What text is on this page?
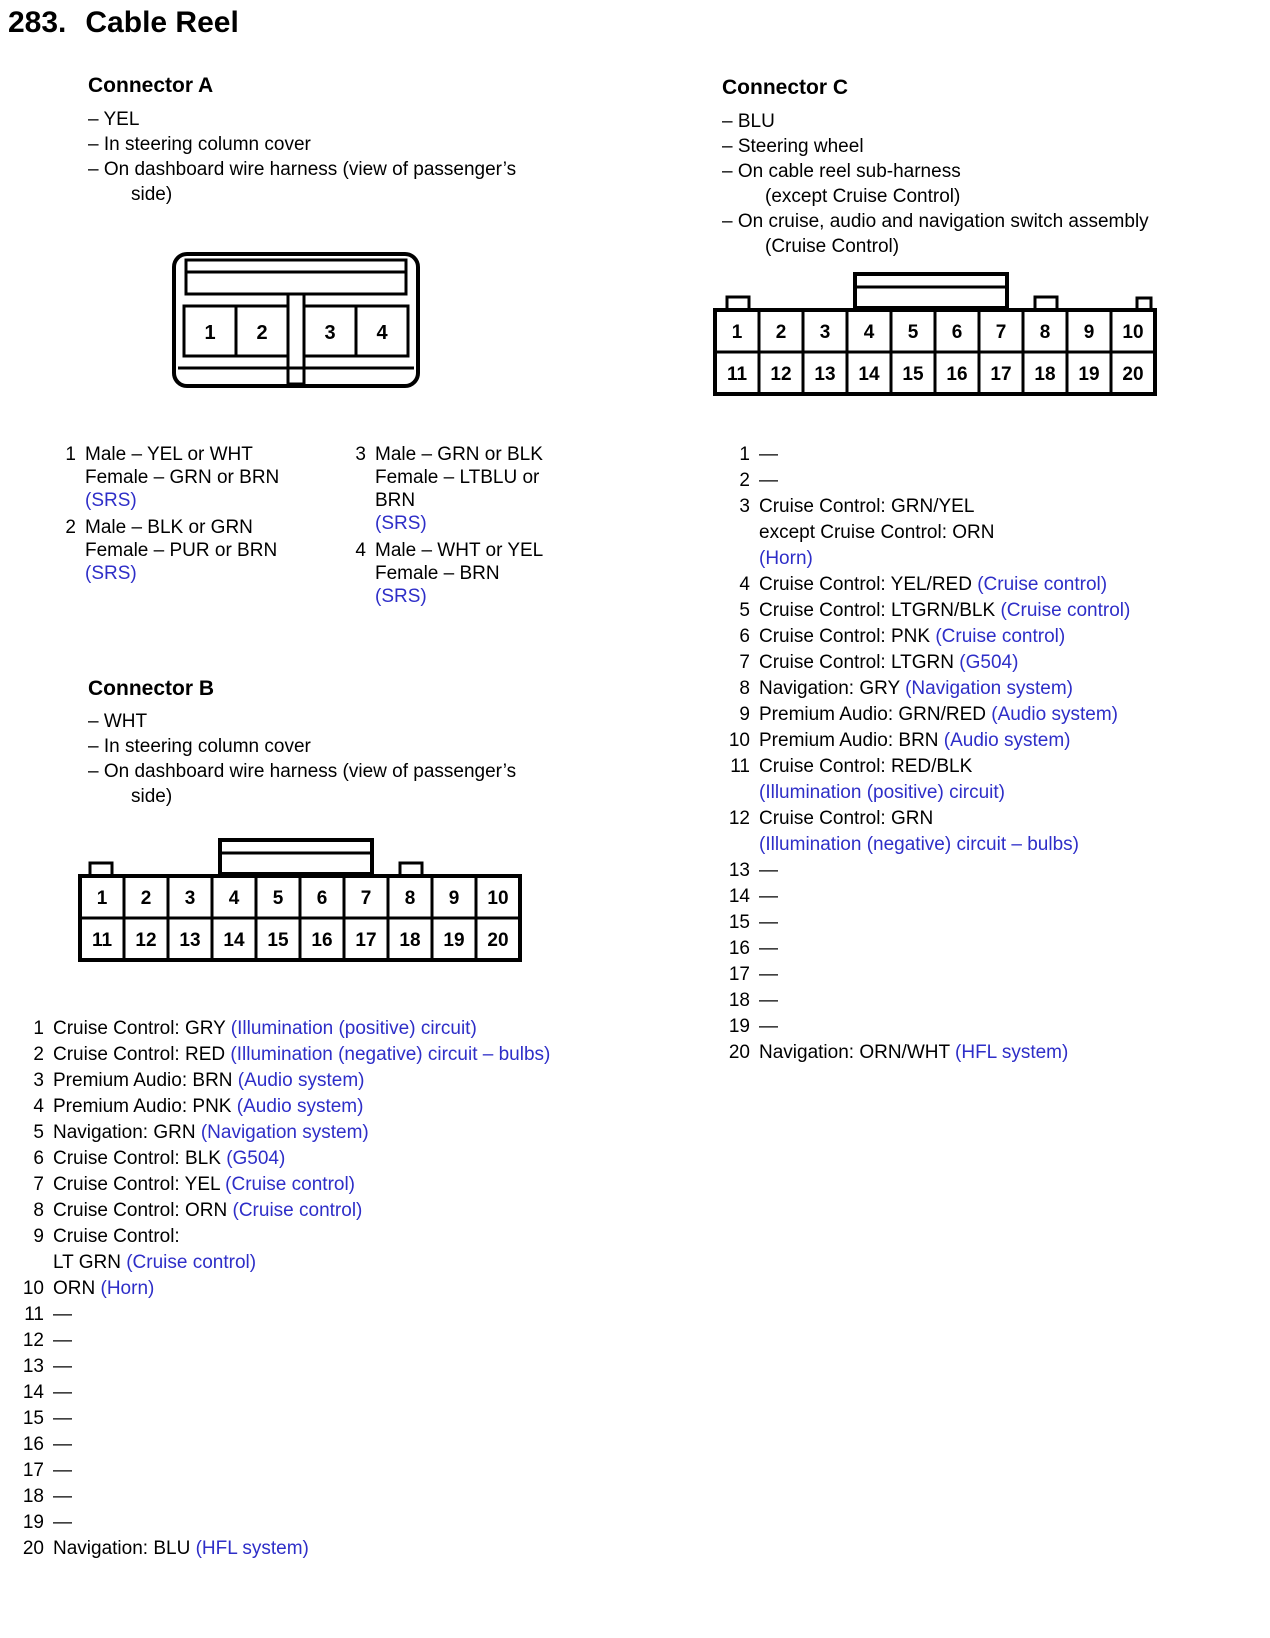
283. Cable Reel
Connector A
– YEL
– In steering column cover
– On dashboard wire harness (view of passenger’s
side)
1 2	3 4
1 Male – YEL or WHT
Female – GRN or BRN
(SRS)
2 Male – BLK or GRN
Female – PUR or BRN
(SRS)
3 Male – GRN or BLK
Female – LTBLU or
BRN
(SRS)
4 Male – WHT or YEL
Female – BRN
(SRS)
Connector B
– WHT
– In steering column cover
– On dashboard wire harness (view of passenger’s
side)
1 2 3 4 5 6 7 8 9 10
11 12 13 14 15 16 17 18 19 20
1 Cruise Control: GRY (Illumination (positive) circuit)
2 Cruise Control: RED (Illumination (negative) circuit – bulbs)
3 Premium Audio: BRN (Audio system)
4 Premium Audio: PNK (Audio system)
5 Navigation: GRN (Navigation system)
6 Cruise Control: BLK (G504)
7 Cruise Control: YEL (Cruise control)
8 Cruise Control: ORN (Cruise control)
9 Cruise Control:
LT GRN (Cruise control)
10 ORN (Horn)
11 —
12 —
13 —
14 —
15 —
16 —
17 —
18 —
19 —
20 Navigation: BLU (HFL system)
Connector C
– BLU
– Steering wheel
– On cable reel sub-harness
(except Cruise Control)
– On cruise, audio and navigation switch assembly
(Cruise Control)
1 2 3 4 5 6 7 8 9 10
11 12 13 14 15 16 17 18 19 20
1 —
2 —
3 Cruise Control: GRN/YEL
except Cruise Control: ORN
(Horn)
4 Cruise Control: YEL/RED (Cruise control)
5 Cruise Control: LTGRN/BLK (Cruise control)
6 Cruise Control: PNK (Cruise control)
7 Cruise Control: LTGRN (G504)
8 Navigation: GRY (Navigation system)
9 Premium Audio: GRN/RED (Audio system)
10 Premium Audio: BRN (Audio system)
11 Cruise Control: RED/BLK
(Illumination (positive) circuit)
12 Cruise Control: GRN
(Illumination (negative) circuit – bulbs)
13 —
14 —
15 —
16 —
17 —
18 —
19 —
20 Navigation: ORN/WHT (HFL system)
